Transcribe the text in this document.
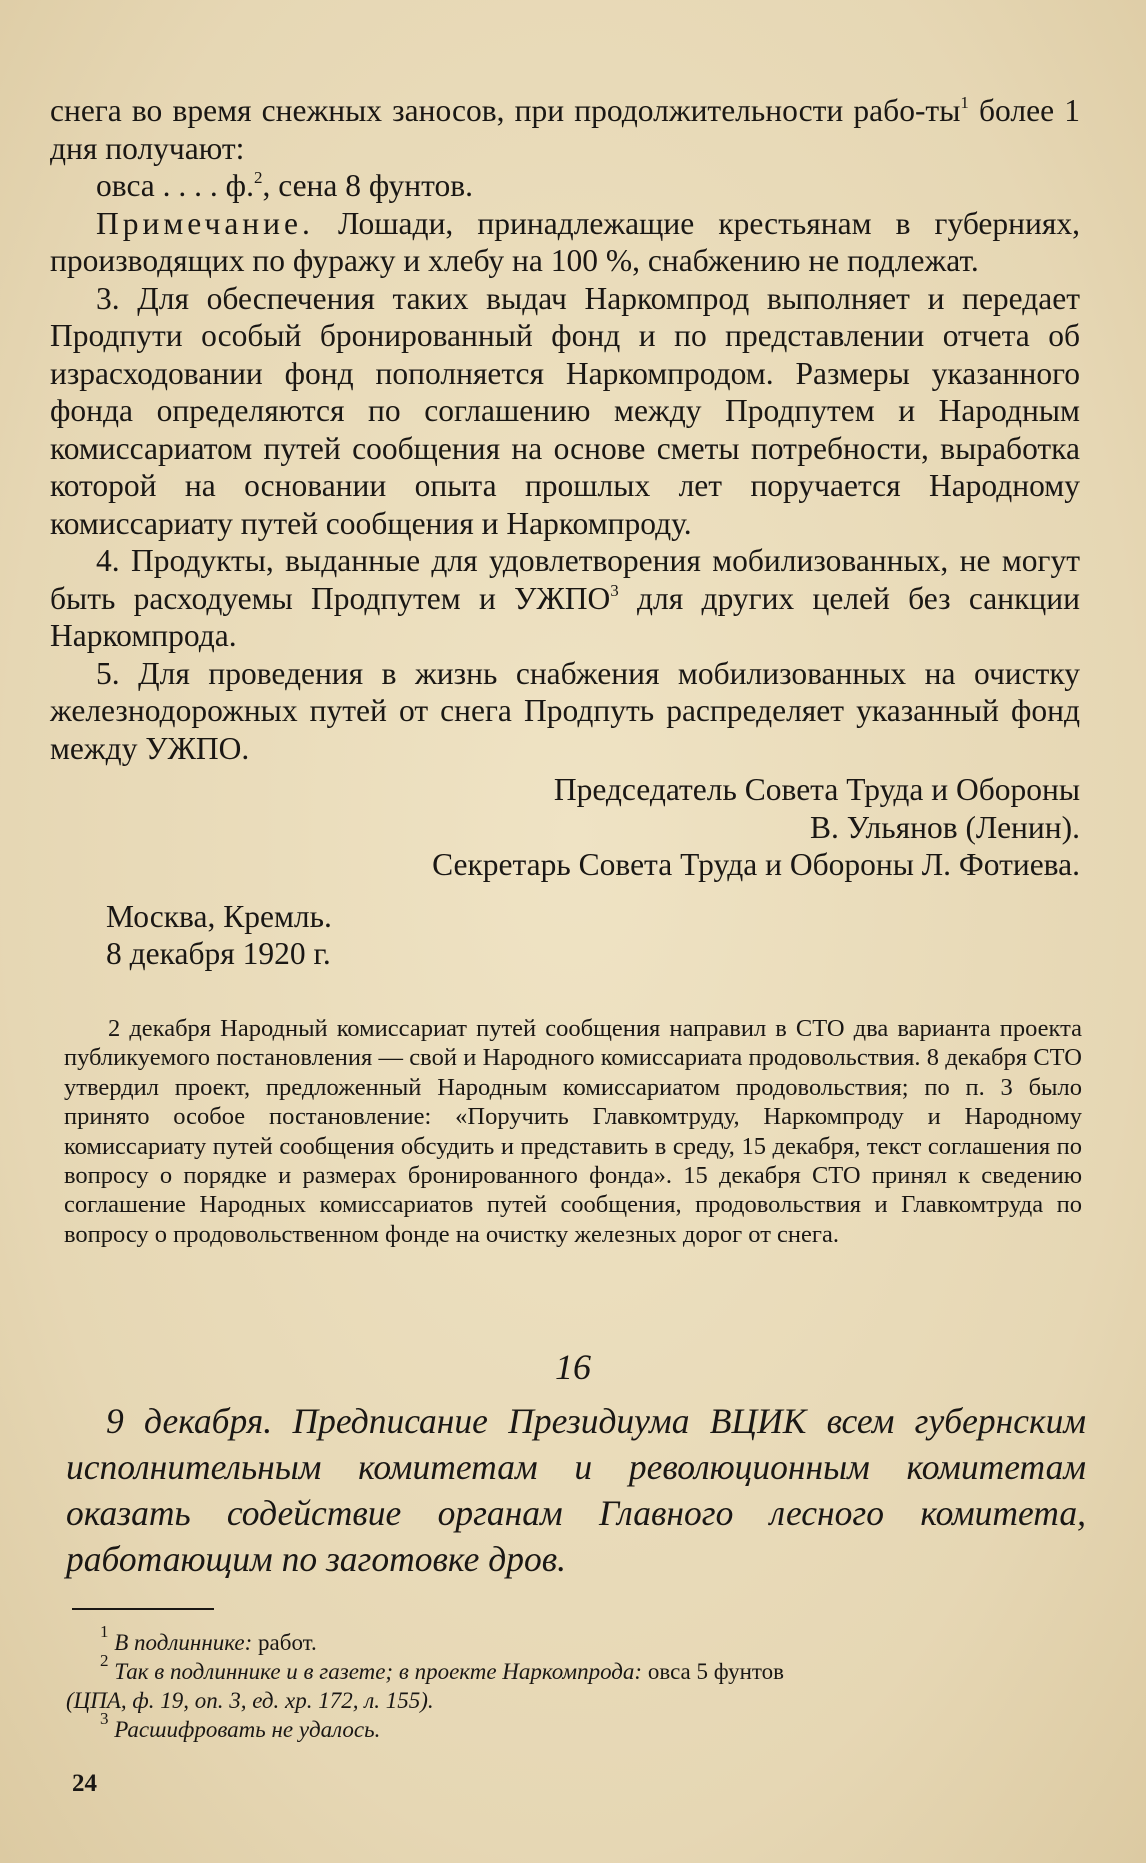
снега во время снежных заносов, при продолжительности рабо-$ты^1$ более 1 дня получают:

овса . . . . ф.$^2$, сена 8 фунтов.

Примечание. Лошади, принадлежащие крестьянам в губерниях, производящих по фуражу и хлебу на 100 %, снабжению не подлежат.

3. Для обеспечения таких выдач Наркомпрод выполняет и передает Продпути особый бронированный фонд и по представлении отчета об израсходовании фонд пополняется Наркомпродом. Размеры указанного фонда определяются по соглашению между Продпутем и Народным комиссариатом путей сообщения на основе сметы потребности, выработка которой на основании опыта прошлых лет поручается Народному комиссариату путей сообщения и Наркомпроду.

4. Продукты, выданные для удовлетворения мобилизованных, не могут быть расходуемы Продпутем и УЖПО$^3$ для других целей без санкции Наркомпрода.

5. Для проведения в жизнь снабжения мобилизованных на очистку железнодорожных путей от снега Продпуть распределяет указанный фонд между УЖПО.

Председатель Совета Труда и Обороны

В. Ульянов (Ленин).

Секретарь Совета Труда и Обороны Л. Фотиева.

Москва, Кремль.

8 декабря 1920 г.

2 декабря Народный комиссариат путей сообщения направил в СТО два варианта проекта публикуемого постановления — свой и Народного комиссариата продовольствия. 8 декабря СТО утвердил проект, предложенный Народным комиссариатом продовольствия; по п. 3 было принято особое постановление: «Поручить Главкомтруду, Наркомпроду и Народному комиссариату путей сообщения обсудить и представить в среду, 15 декабря, текст соглашения по вопросу о порядке и размерах бронированного фонда». 15 декабря СТО принял к сведению соглашение Народных комиссариатов путей сообщения, продовольствия и Главкомтруда по вопросу о продовольственном фонде на очистку железных дорог от снега.

16

9 декабря. Предписание Президиума ВЦИК всем губернским исполнительным комитетам и революционным комитетам оказать содействие органам Главного лесного комитета, работающим по заготовке дров.

$^1$ В подлиннике: работ.

$^2$ Так в подлиннике и в газете; в проекте Наркомпрода: овса 5 фунтов

(ЦПА, ф. 19, оп. 3, ед. хр. 172, л. 155).

$^3$ Расшифровать не удалось.

24
